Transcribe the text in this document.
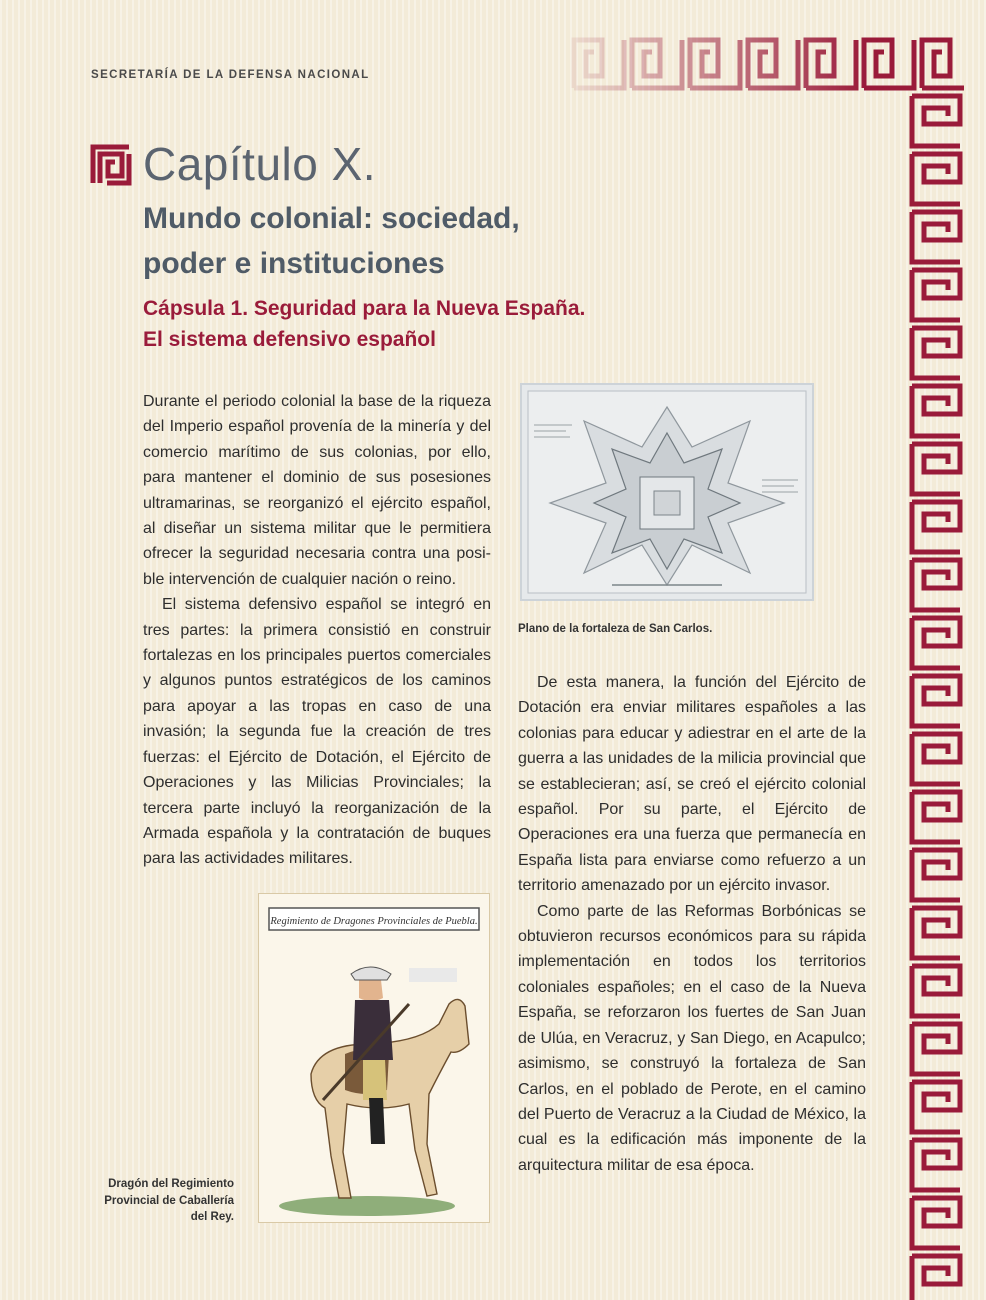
SECRETARÍA DE LA DEFENSA NACIONAL
Capítulo X.
Mundo colonial: sociedad,
poder e instituciones
Cápsula 1. Seguridad para la Nueva España.
El sistema defensivo español

Durante el periodo colonial la base de la riqueza del Imperio español provenía de la minería y del comercio marítimo de sus colonias, por ello, para mantener el dominio de sus posesiones ultramarinas, se reorganizó el ejército español, al diseñar un sistema militar que le permitiera ofrecer la seguridad necesaria contra una posible intervención de cualquier nación o reino.

El sistema defensivo español se integró en tres partes: la primera consistió en construir fortalezas en los principales puertos comerciales y algunos puntos estratégicos de los caminos para apoyar a las tropas en caso de una invasión; la segunda fue la creación de tres fuerzas: el Ejército de Dotación, el Ejército de Operaciones y las Milicias Provinciales; la tercera parte incluyó la reorganización de la Armada española y la contratación de buques para las actividades militares.

Plano de la fortaleza de San Carlos.

De esta manera, la función del Ejército de Dotación era enviar militares españoles a las colonias para educar y adiestrar en el arte de la guerra a las unidades de la milicia provincial que se establecieran; así, se creó el ejército colonial español. Por su parte, el Ejército de Operaciones era una fuerza que permanecía en España lista para enviarse como refuerzo a un territorio amenazado por un ejército invasor.

Como parte de las Reformas Borbónicas se obtuvieron recursos económicos para su rápida implementación en todos los territorios coloniales españoles; en el caso de la Nueva España, se reforzaron los fuertes de San Juan de Ulúa, en Veracruz, y San Diego, en Acapulco; asimismo, se construyó la fortaleza de San Carlos, en el poblado de Perote, en el camino del Puerto de Veracruz a la Ciudad de México, la cual es la edificación más imponente de la arquitectura militar de esa época.

Regimiento de Dragones Provinciales de Puebla.
Dragón del Regimiento Provincial de Caballería del Rey.
